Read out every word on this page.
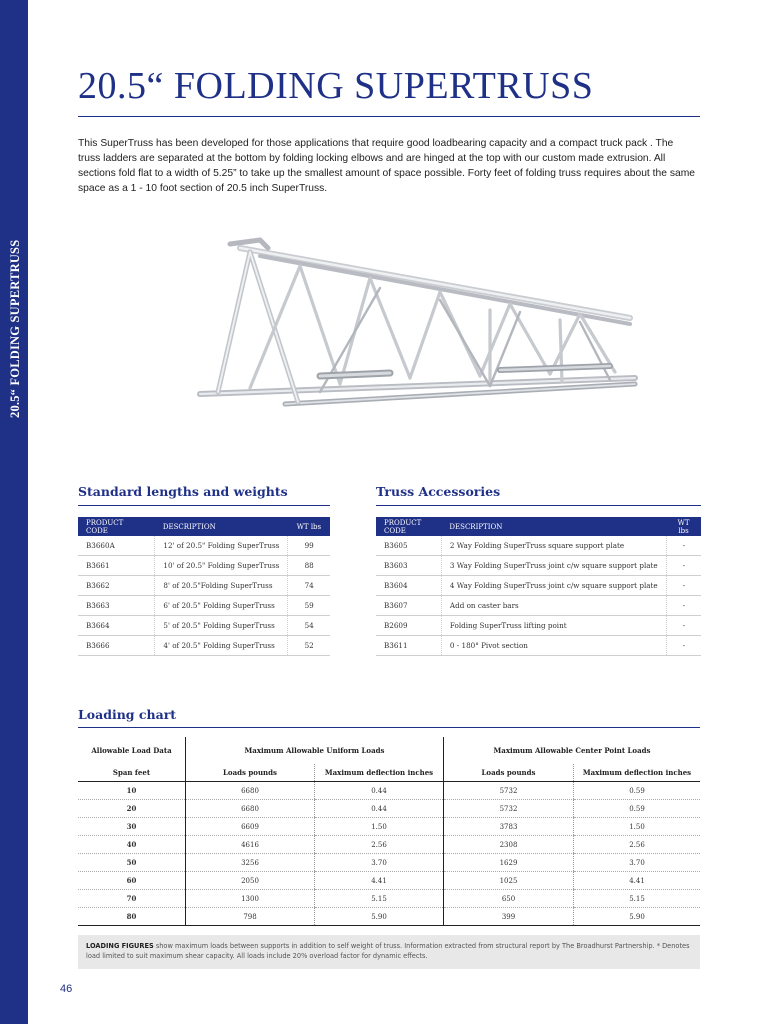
20.5“ FOLDING SUPERTRUSS
20.5“ FOLDING SUPERTRUSS
This SuperTruss has been developed for those applications that require good loadbearing capacity and a compact truck pack . The truss ladders are separated at the bottom by folding locking elbows and are hinged at the top with our custom made extrusion. All sections fold flat to a width of 5.25” to take up the smallest amount of space possible. Forty feet of folding truss requires about the same space as a 1 - 10 foot section of 20.5 inch SuperTruss.
Standard lengths and weights
PRODUCT CODE	DESCRIPTION	WT lbs
B3660A	12' of 20.5" Folding SuperTruss	99
B3661	10' of 20.5" Folding SuperTruss	88
B3662	8' of 20.5"Folding SuperTruss	74
B3663	6' of 20.5" Folding SuperTruss	59
B3664	5' of 20.5" Folding SuperTruss	54
B3666	4' of 20.5" Folding SuperTruss	52
Truss Accessories
PRODUCT CODE	DESCRIPTION	WT lbs
B3605	2 Way Folding SuperTruss square support plate	-
B3603	3 Way Folding SuperTruss joint c/w square support plate	-
B3604	4 Way Folding SuperTruss joint c/w square support plate	-
B3607	Add on caster bars	-
B2609	Folding SuperTruss lifting point	-
B3611	0 - 180° Pivot section	-
Loading chart
Allowable Load Data	Maximum Allowable Uniform Loads		Maximum Allowable Center Point Loads	
Span feet	Loads pounds	Maximum deflection inches	Loads pounds	Maximum deflection inches
10	6680	0.44	5732	0.59
20	6680	0.44	5732	0.59
30	6609	1.50	3783	1.50
40	4616	2.56	2308	2.56
50	3256	3.70	1629	3.70
60	2050	4.41	1025	4.41
70	1300	5.15	650	5.15
80	798	5.90	399	5.90
LOADING FIGURES show maximum loads between supports in addition to self weight of truss. Information extracted from structural report by The Broadhurst Partnership. * Denotes load limited to suit maximum shear capacity. All loads include 20% overload factor for dynamic effects.
46
